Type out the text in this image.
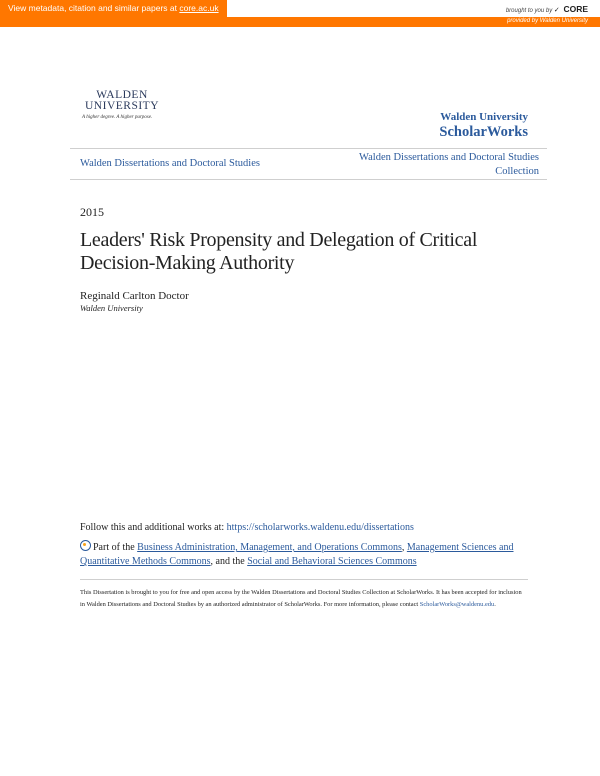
View metadata, citation and similar papers at core.ac.uk	brought to you by ✓ CORE
provided by Walden University
WALDEN
UNIVERSITY
A higher degree. A higher purpose.	Walden University
ScholarWorks
Walden Dissertations and Doctoral Studies
Walden Dissertations and Doctoral Studies
Collection
2015
Leaders' Risk Propensity and Delegation of Critical Decision-Making Authority
Reginald Carlton Doctor
Walden University
Follow this and additional works at: https://scholarworks.waldenu.edu/dissertations
Part of the Business Administration, Management, and Operations Commons, Management Sciences and Quantitative Methods Commons, and the Social and Behavioral Sciences Commons
This Dissertation is brought to you for free and open access by the Walden Dissertations and Doctoral Studies Collection at ScholarWorks. It has been accepted for inclusion in Walden Dissertations and Doctoral Studies by an authorized administrator of ScholarWorks. For more information, please contact ScholarWorks@waldenu.edu.
